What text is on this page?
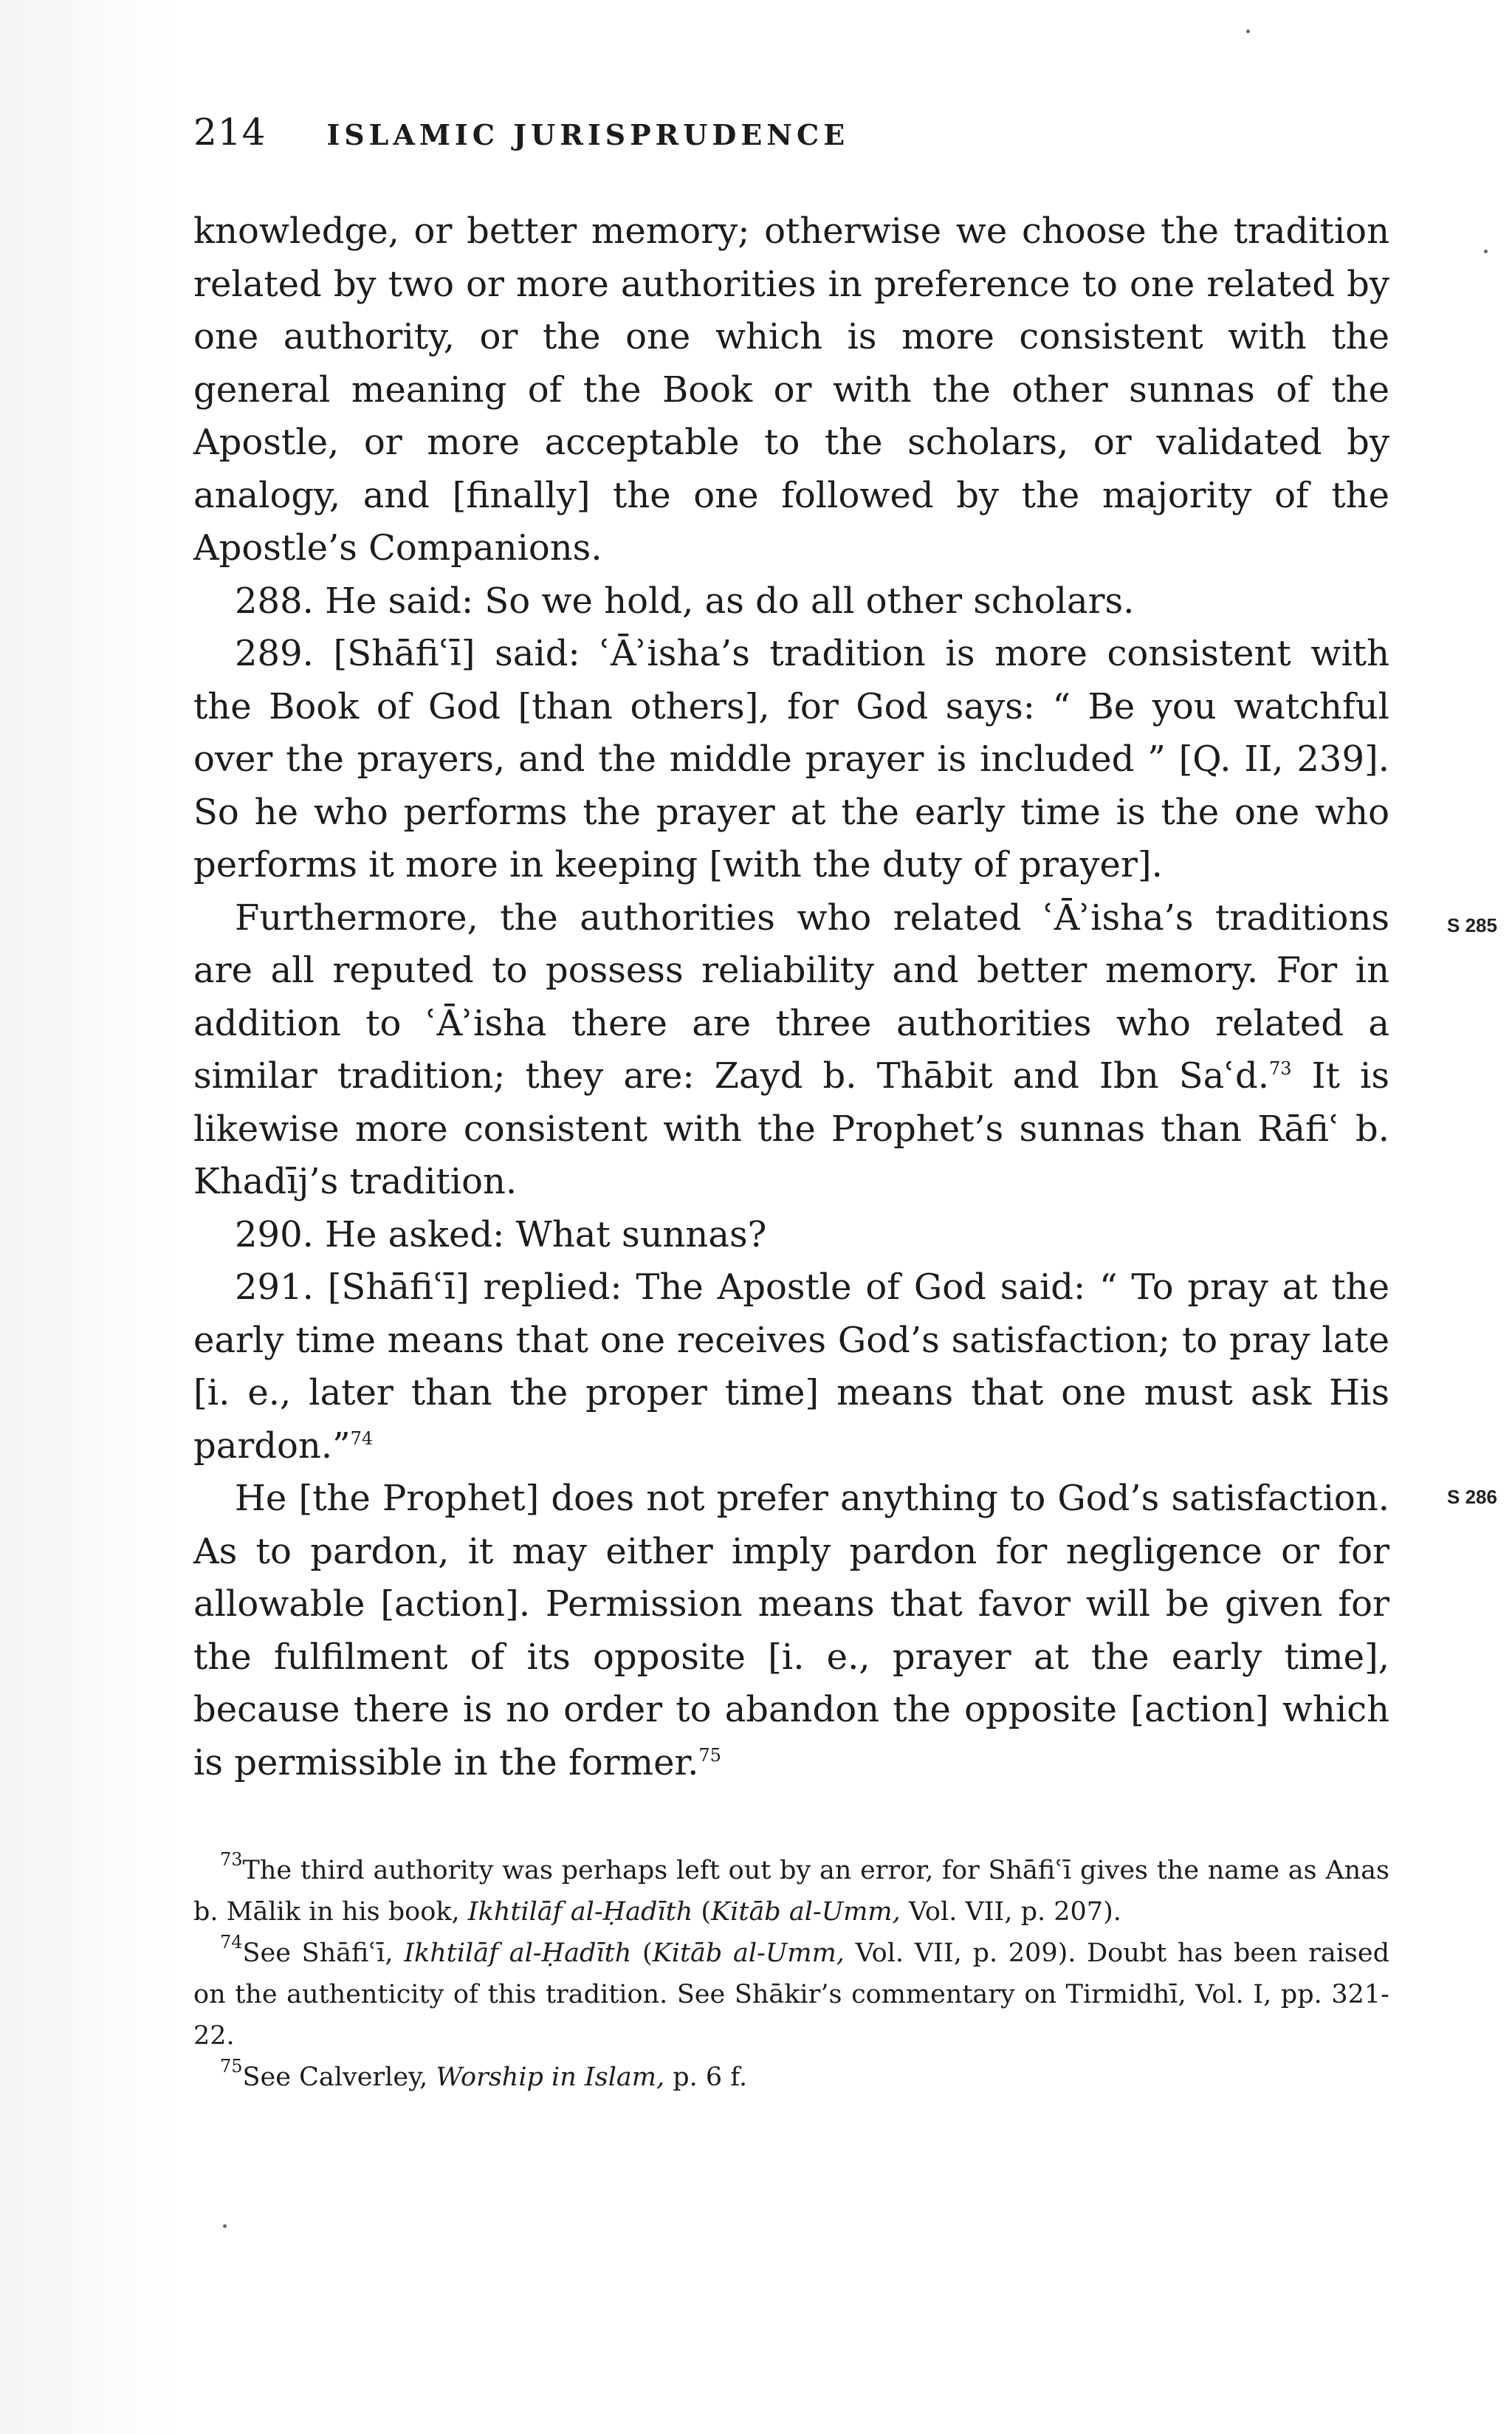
214 ISLAMIC JURISPRUDENCE

knowledge, or better memory; otherwise we choose the tradition related by two or more authorities in preference to one related by one authority, or the one which is more consistent with the general meaning of the Book or with the other sunnas of the Apostle, or more acceptable to the scholars, or validated by analogy, and [finally] the one followed by the majority of the Apostle’s Companions.

288. He said: So we hold, as do all other scholars.

289. [Shāfiʿī] said: ʿĀʾisha’s tradition is more consistent with the Book of God [than others], for God says: “ Be you watchful over the prayers, and the middle prayer is included ” [Q. II, 239]. So he who performs the prayer at the early time is the one who performs it more in keeping [with the duty of prayer].

Furthermore, the authorities who related ʿĀʾisha’s traditions are all reputed to possess reliability and better memory. For in addition to ʿĀʾisha there are three authorities who related a similar tradition; they are: Zayd b. Thābit and Ibn Saʿd.$^{73}$ It is likewise more consistent with the Prophet’s sunnas than Rāfiʿ b. Khadīj’s tradition.

290. He asked: What sunnas?

291. [Shāfiʿī] replied: The Apostle of God said: “ To pray at the early time means that one receives God’s satisfaction; to pray late [i. e., later than the proper time] means that one must ask His pardon.”$^{74}$

He [the Prophet] does not prefer anything to God’s satisfaction. As to pardon, it may either imply pardon for negligence or for allowable [action]. Permission means that favor will be given for the fulfilment of its opposite [i. e., prayer at the early time], because there is no order to abandon the opposite [action] which is permissible in the former.$^{75}$

$^{73}$The third authority was perhaps left out by an error, for Shāfiʿī gives the name as Anas b. Mālik in his book, Ikhtilāf al-Ḥadīth (Kitāb al-Umm, Vol. VII, p. 207).

$^{74}$See Shāfiʿī, Ikhtilāf al-Ḥadīth (Kitāb al-Umm, Vol. VII, p. 209). Doubt has been raised on the authenticity of this tradition. See Shākir’s commentary on Tirmidhī, Vol. I, pp. 321-22.

$^{75}$See Calverley, Worship in Islam, p. 6 f.

S 285
S 286
